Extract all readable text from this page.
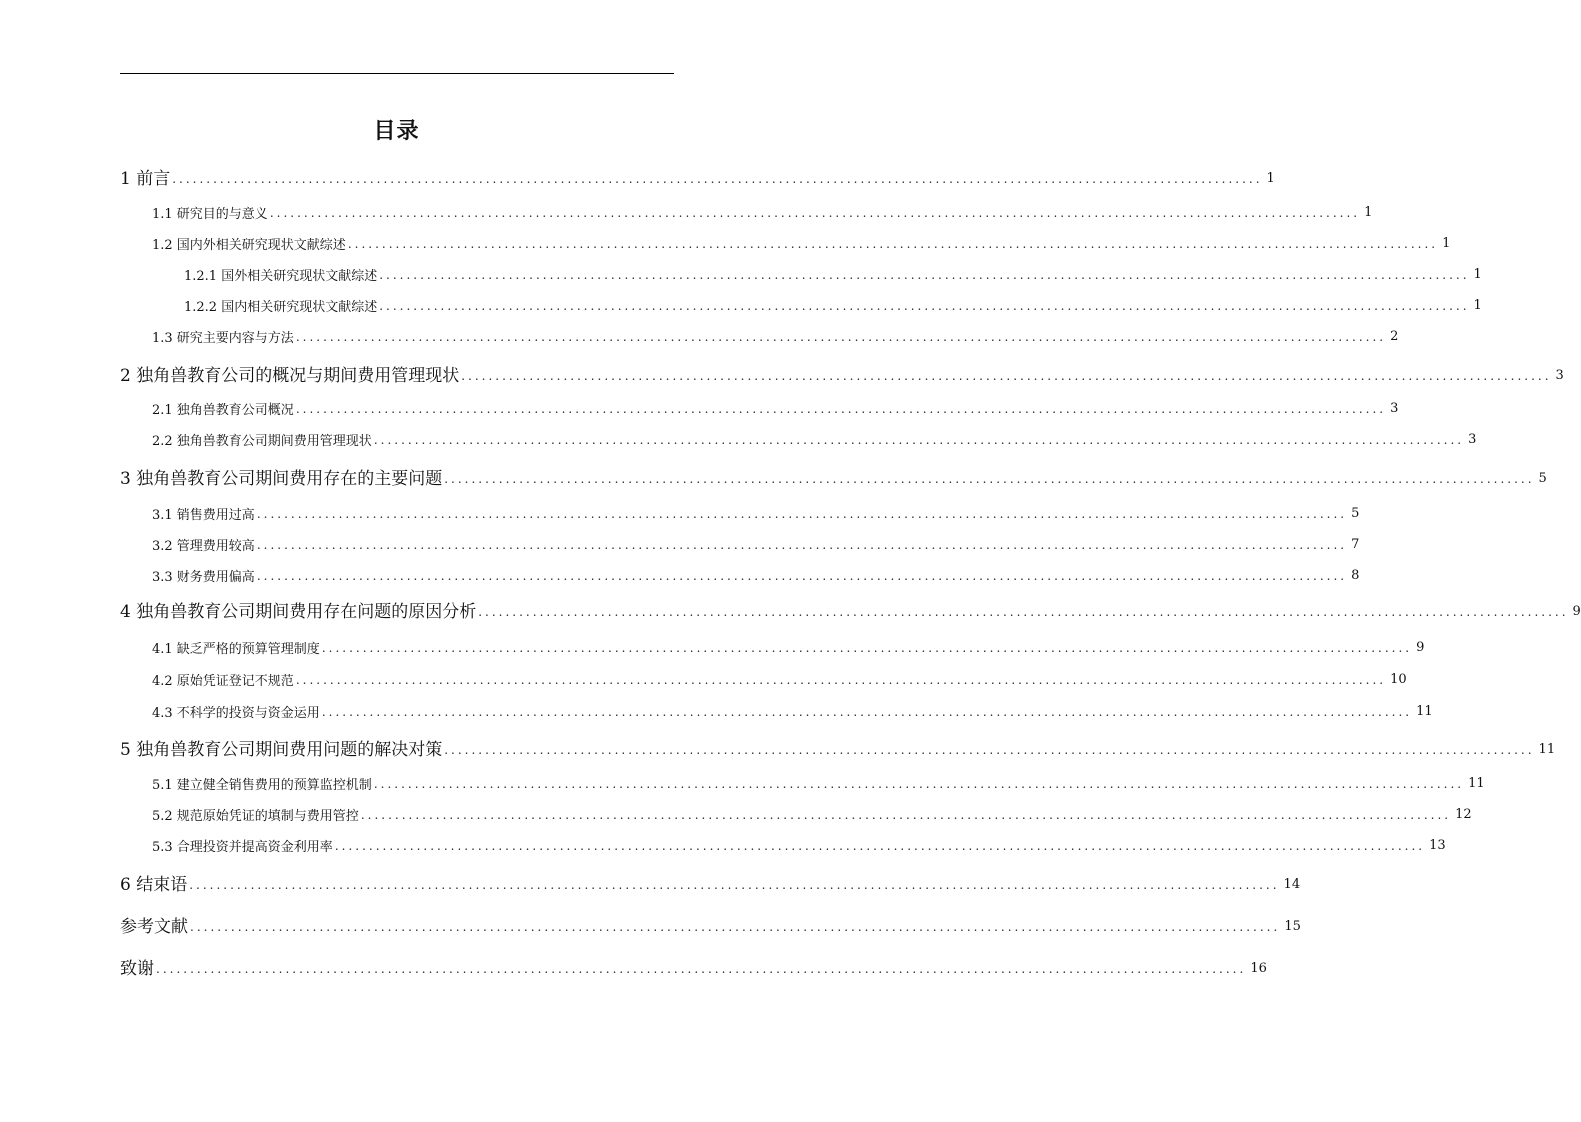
目录
1 前言 ................................................................................................................................................................ 1
1.1 研究目的与意义 ................................................................................................................................................................ 1
1.2 国内外相关研究现状文献综述 ................................................................................................................................................................ 1
1.2.1 国外相关研究现状文献综述 ................................................................................................................................................................ 1
1.2.2 国内相关研究现状文献综述 ................................................................................................................................................................ 1
1.3 研究主要内容与方法 ................................................................................................................................................................ 2
2 独角兽教育公司的概况与期间费用管理现状 ................................................................................................................................................................ 3
2.1 独角兽教育公司概况 ................................................................................................................................................................ 3
2.2 独角兽教育公司期间费用管理现状 ................................................................................................................................................................ 3
3 独角兽教育公司期间费用存在的主要问题 ................................................................................................................................................................ 5
3.1 销售费用过高 ................................................................................................................................................................ 5
3.2 管理费用较高 ................................................................................................................................................................ 7
3.3 财务费用偏高 ................................................................................................................................................................ 8
4 独角兽教育公司期间费用存在问题的原因分析 ................................................................................................................................................................ 9
4.1 缺乏严格的预算管理制度 ................................................................................................................................................................ 9
4.2 原始凭证登记不规范 ................................................................................................................................................................ 10
4.3 不科学的投资与资金运用 ................................................................................................................................................................ 11
5 独角兽教育公司期间费用问题的解决对策 ................................................................................................................................................................ 11
5.1 建立健全销售费用的预算监控机制 ................................................................................................................................................................ 11
5.2 规范原始凭证的填制与费用管控 ................................................................................................................................................................ 12
5.3 合理投资并提高资金利用率 ................................................................................................................................................................ 13
6 结束语 ................................................................................................................................................................ 14
参考文献 ................................................................................................................................................................ 15
致谢 ................................................................................................................................................................ 16
